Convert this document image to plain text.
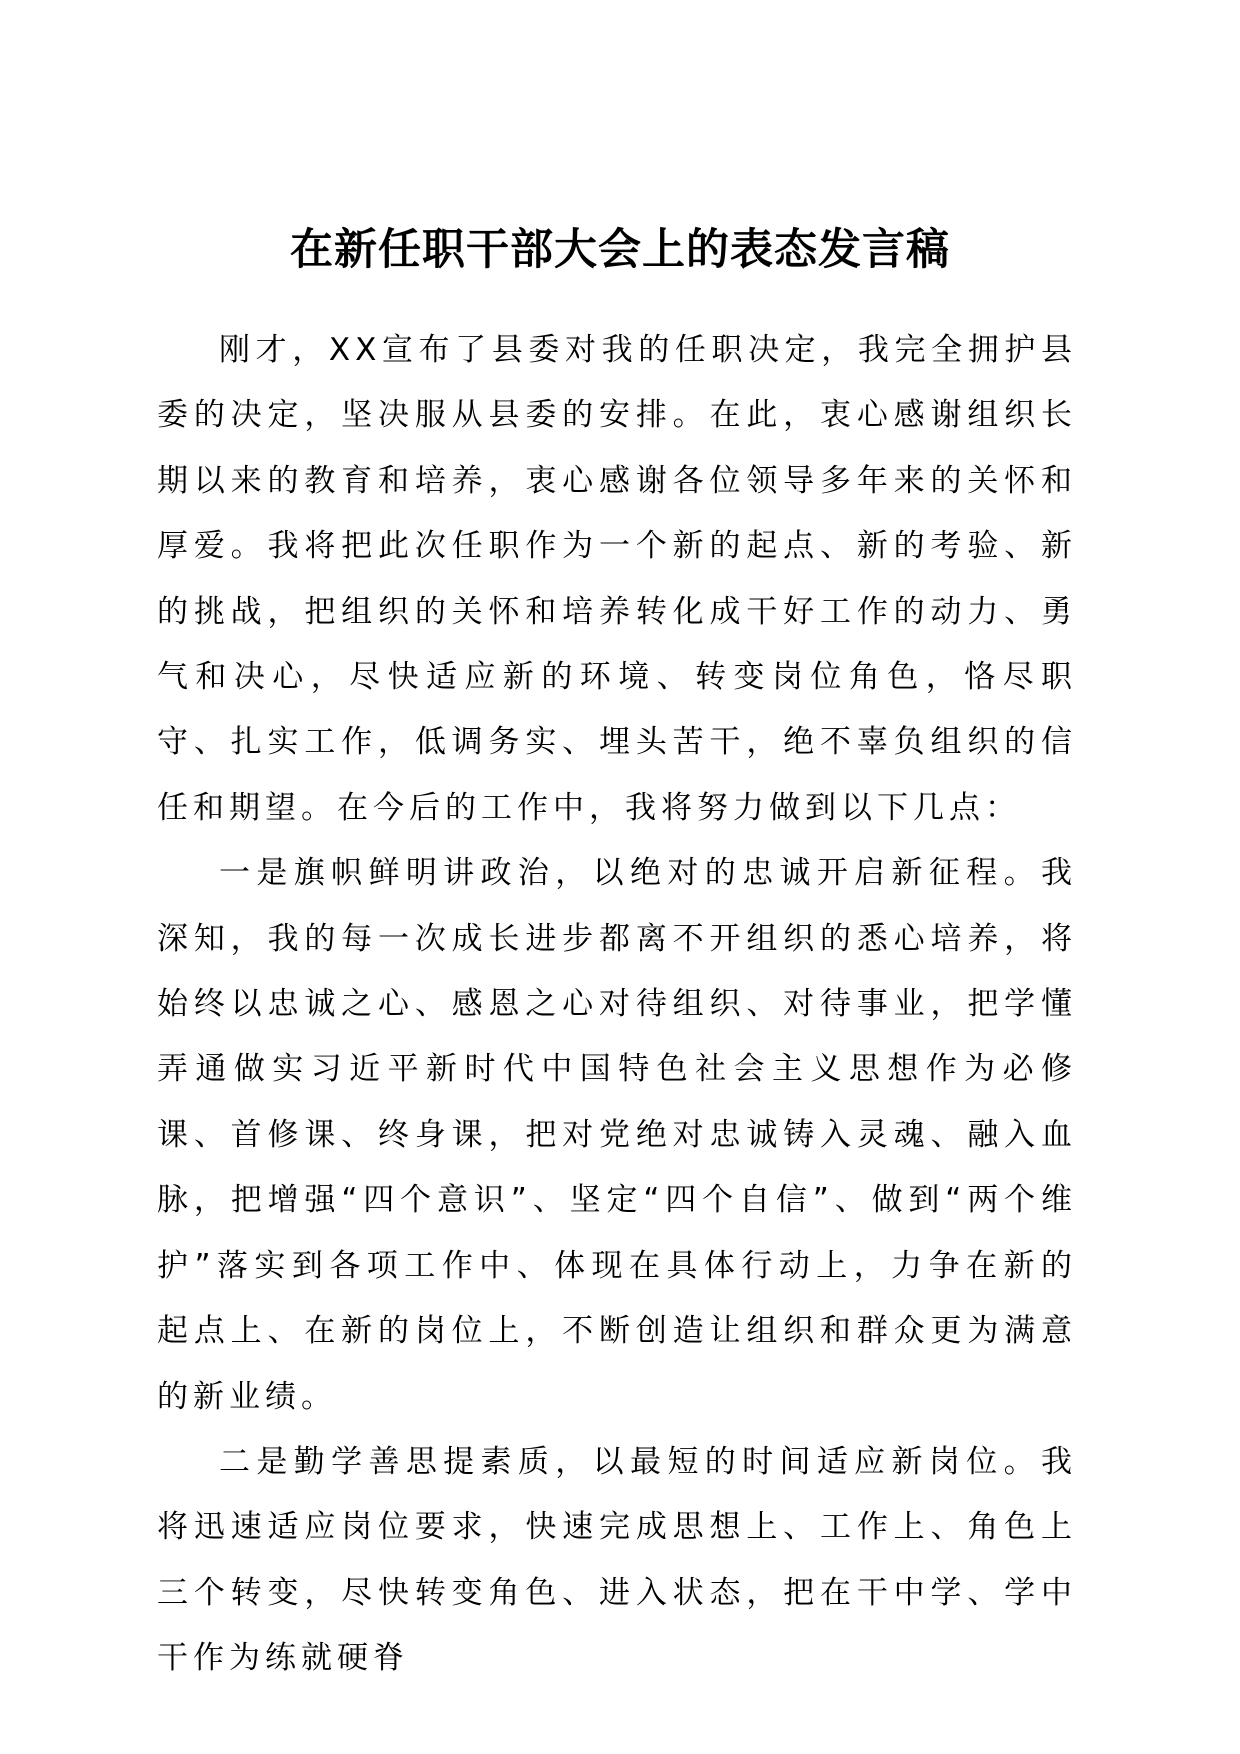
在新任职干部大会上的表态发言稿

刚才，XX宣布了县委对我的任职决定，我完全拥护县委的决定，坚决服从县委的安排。在此，衷心感谢组织长期以来的教育和培养，衷心感谢各位领导多年来的关怀和厚爱。我将把此次任职作为一个新的起点、新的考验、新的挑战，把组织的关怀和培养转化成干好工作的动力、勇气和决心，尽快适应新的环境、转变岗位角色，恪尽职守、扎实工作，低调务实、埋头苦干，绝不辜负组织的信任和期望。在今后的工作中，我将努力做到以下几点：

一是旗帜鲜明讲政治，以绝对的忠诚开启新征程。我深知，我的每一次成长进步都离不开组织的悉心培养，将始终以忠诚之心、感恩之心对待组织、对待事业，把学懂弄通做实习近平新时代中国特色社会主义思想作为必修课、首修课、终身课，把对党绝对忠诚铸入灵魂、融入血脉，把增强“四个意识”、坚定“四个自信”、做到“两个维护”落实到各项工作中、体现在具体行动上，力争在新的起点上、在新的岗位上，不断创造让组织和群众更为满意的新业绩。

二是勤学善思提素质，以最短的时间适应新岗位。我将迅速适应岗位要求，快速完成思想上、工作上、角色上三个转变，尽快转变角色、进入状态，把在干中学、学中干作为练就硬脊
